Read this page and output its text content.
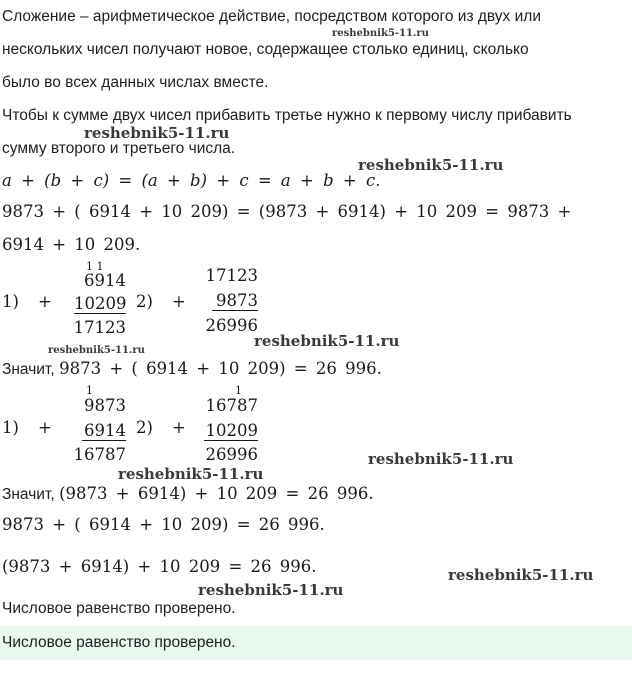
Сложение – арифметическое действие, посредством которого из двух или
нескольких чисел получают новое, содержащее столько единиц, сколько
было во всех данных числах вместе.
Чтобы к сумме двух чисел прибавить третье нужно к первому числу прибавить
сумму второго и третьего числа.
a + (b + c) = (a + b) + c = a + b + c.
9873 + ( 6914 + 10 209) = (9873 + 6914) + 10 209 = 9873 +
6914 + 10 209.
1) +
1 1
6914
10209
17123
2) +
17123
9873
26996
Значит, 9873 + ( 6914 + 10 209) = 26 996.
1) +
1
9873
6914
16787
2) +
1
16787
10209
26996
Значит, (9873 + 6914) + 10 209 = 26 996.
9873 + ( 6914 + 10 209) = 26 996.
(9873 + 6914) + 10 209 = 26 996.
Числовое равенство проверено.
Числовое равенство проверено.
reshebnik5-11.ru
reshebnik5-11.ru
reshebnik5-11.ru
reshebnik5-11.ru
reshebnik5-11.ru
reshebnik5-11.ru
reshebnik5-11.ru
reshebnik5-11.ru
reshebnik5-11.ru
